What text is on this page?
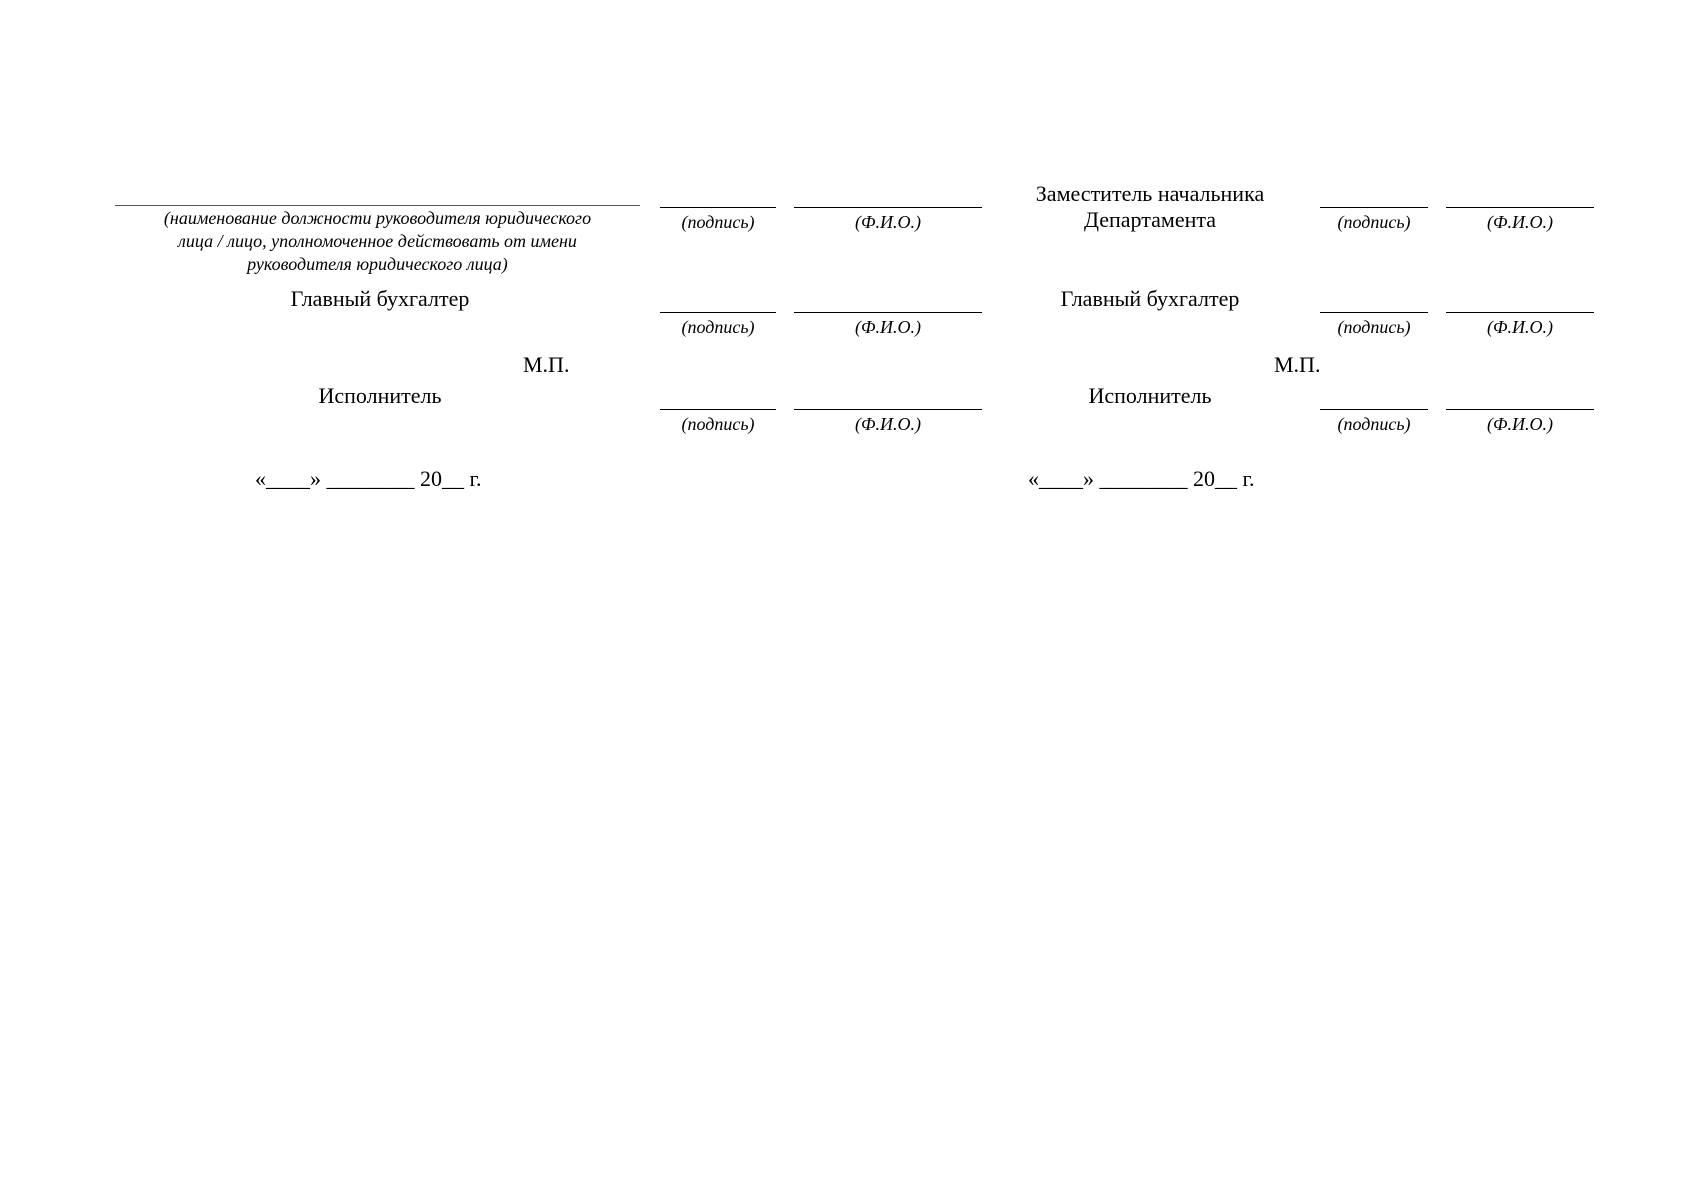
(наименование должности руководителя юридического
лица / лицо, уполномоченное действовать от имени
руководителя юридического лица)
(подпись)	(Ф.И.О.)
Главный бухгалтер
(подпись)	(Ф.И.О.)
М.П.
Исполнитель
(подпись)	(Ф.И.О.)
«____» ________ 20__ г.
Заместитель начальника
Департамента	(подпись)	(Ф.И.О.)
Главный бухгалтер
(подпись)	(Ф.И.О.)
М.П.
Исполнитель
(подпись)	(Ф.И.О.)
«____» ________ 20__ г.
